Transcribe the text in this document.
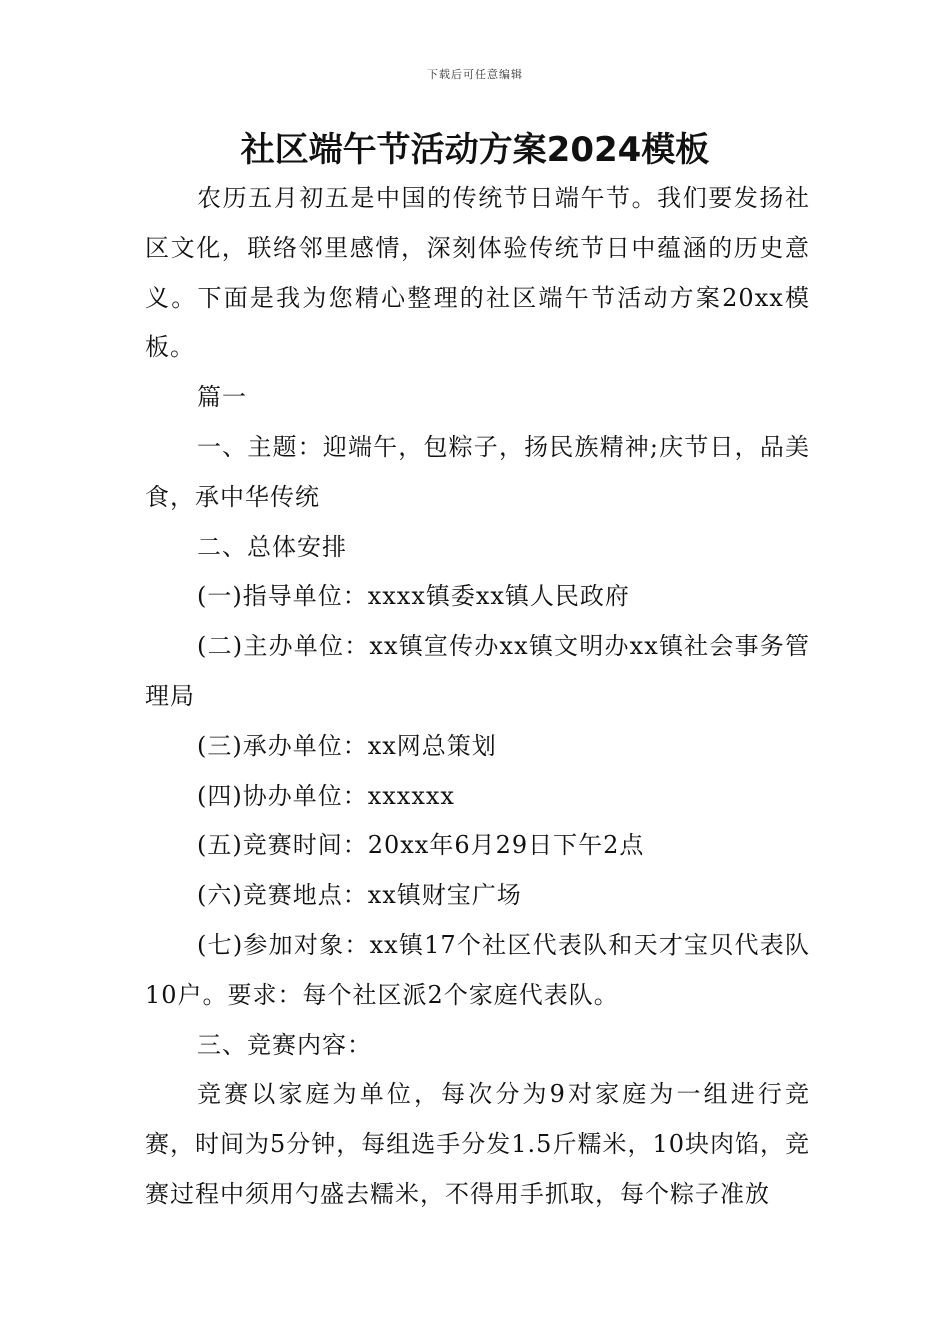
下载后可任意编辑
社区端午节活动方案2024模板

农历五月初五是中国的传统节日端午节。我们要发扬社区文化，联络邻里感情，深刻体验传统节日中蕴涵的历史意义。下面是我为您精心整理的社区端午节活动方案20xx模板。

篇一

一、主题：迎端午，包粽子，扬民族精神;庆节日，品美食，承中华传统

二、总体安排

(一)指导单位：xxxx镇委xx镇人民政府

(二)主办单位：xx镇宣传办xx镇文明办xx镇社会事务管理局

(三)承办单位：xx网总策划

(四)协办单位：xxxxxx

(五)竞赛时间：20xx年6月29日下午2点

(六)竞赛地点：xx镇财宝广场

(七)参加对象：xx镇17个社区代表队和天才宝贝代表队10户。要求：每个社区派2个家庭代表队。

三、竞赛内容：

竞赛以家庭为单位，每次分为9对家庭为一组进行竞赛，时间为5分钟，每组选手分发1.5斤糯米，10块肉馅，竞赛过程中须用勺盛去糯米，不得用手抓取，每个粽子准放
